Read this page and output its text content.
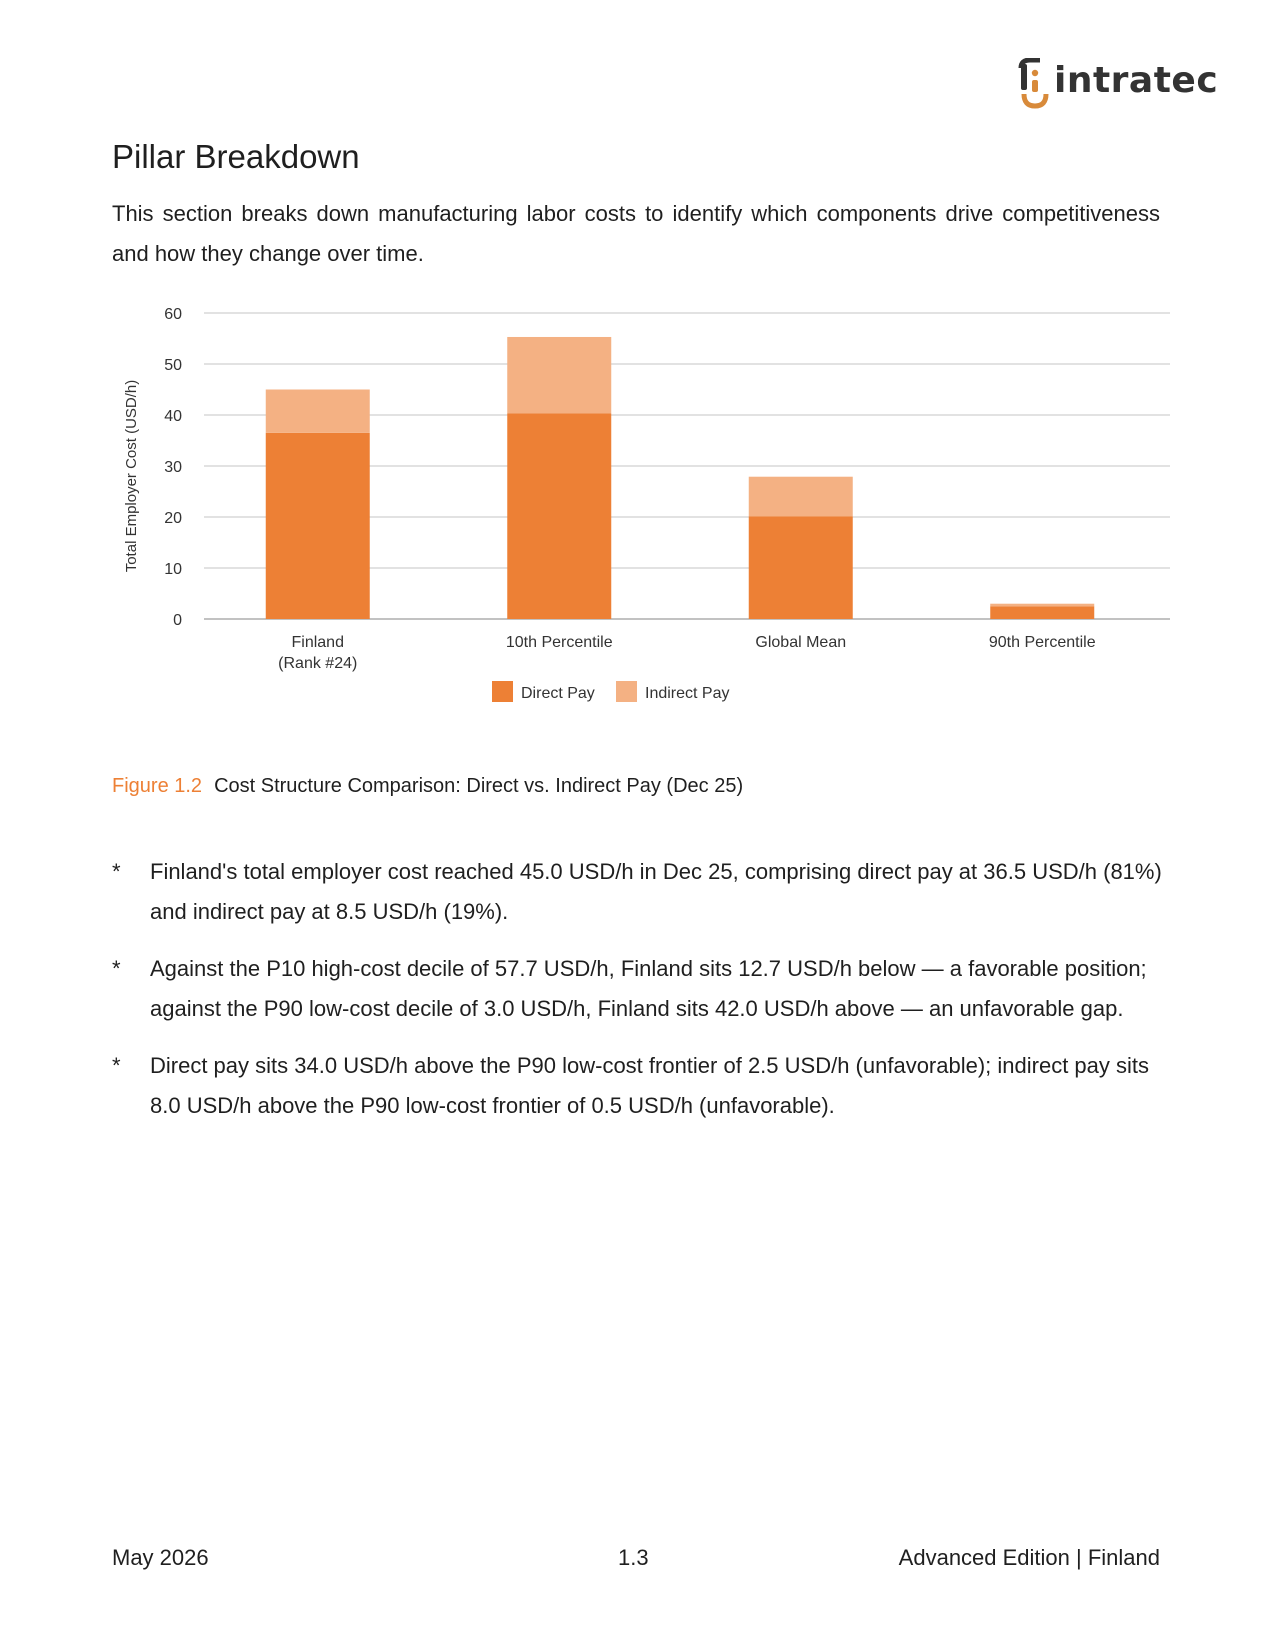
intratec
Pillar Breakdown

This section breaks down manufacturing labor costs to identify which components drive competitiveness and how they change over time.

0
10
20
30
40
50
60
Total Employer Cost (USD/h)
Finland
(Rank #24)
10th Percentile	Global Mean	90th Percentile
Direct Pay	Indirect Pay

Figure 1.2 Cost Structure Comparison: Direct vs. Indirect Pay (Dec 25)

* Finland's total employer cost reached 45.0 USD/h in Dec 25, comprising direct pay at 36.5 USD/h (81%) and indirect pay at 8.5 USD/h (19%).
* Against the P10 high-cost decile of 57.7 USD/h, Finland sits 12.7 USD/h below — a favorable position; against the P90 low-cost decile of 3.0 USD/h, Finland sits 42.0 USD/h above — an unfavorable gap.
* Direct pay sits 34.0 USD/h above the P90 low-cost frontier of 2.5 USD/h (unfavorable); indirect pay sits 8.0 USD/h above the P90 low-cost frontier of 0.5 USD/h (unfavorable).
May 2026	1.3	Advanced Edition | Finland
